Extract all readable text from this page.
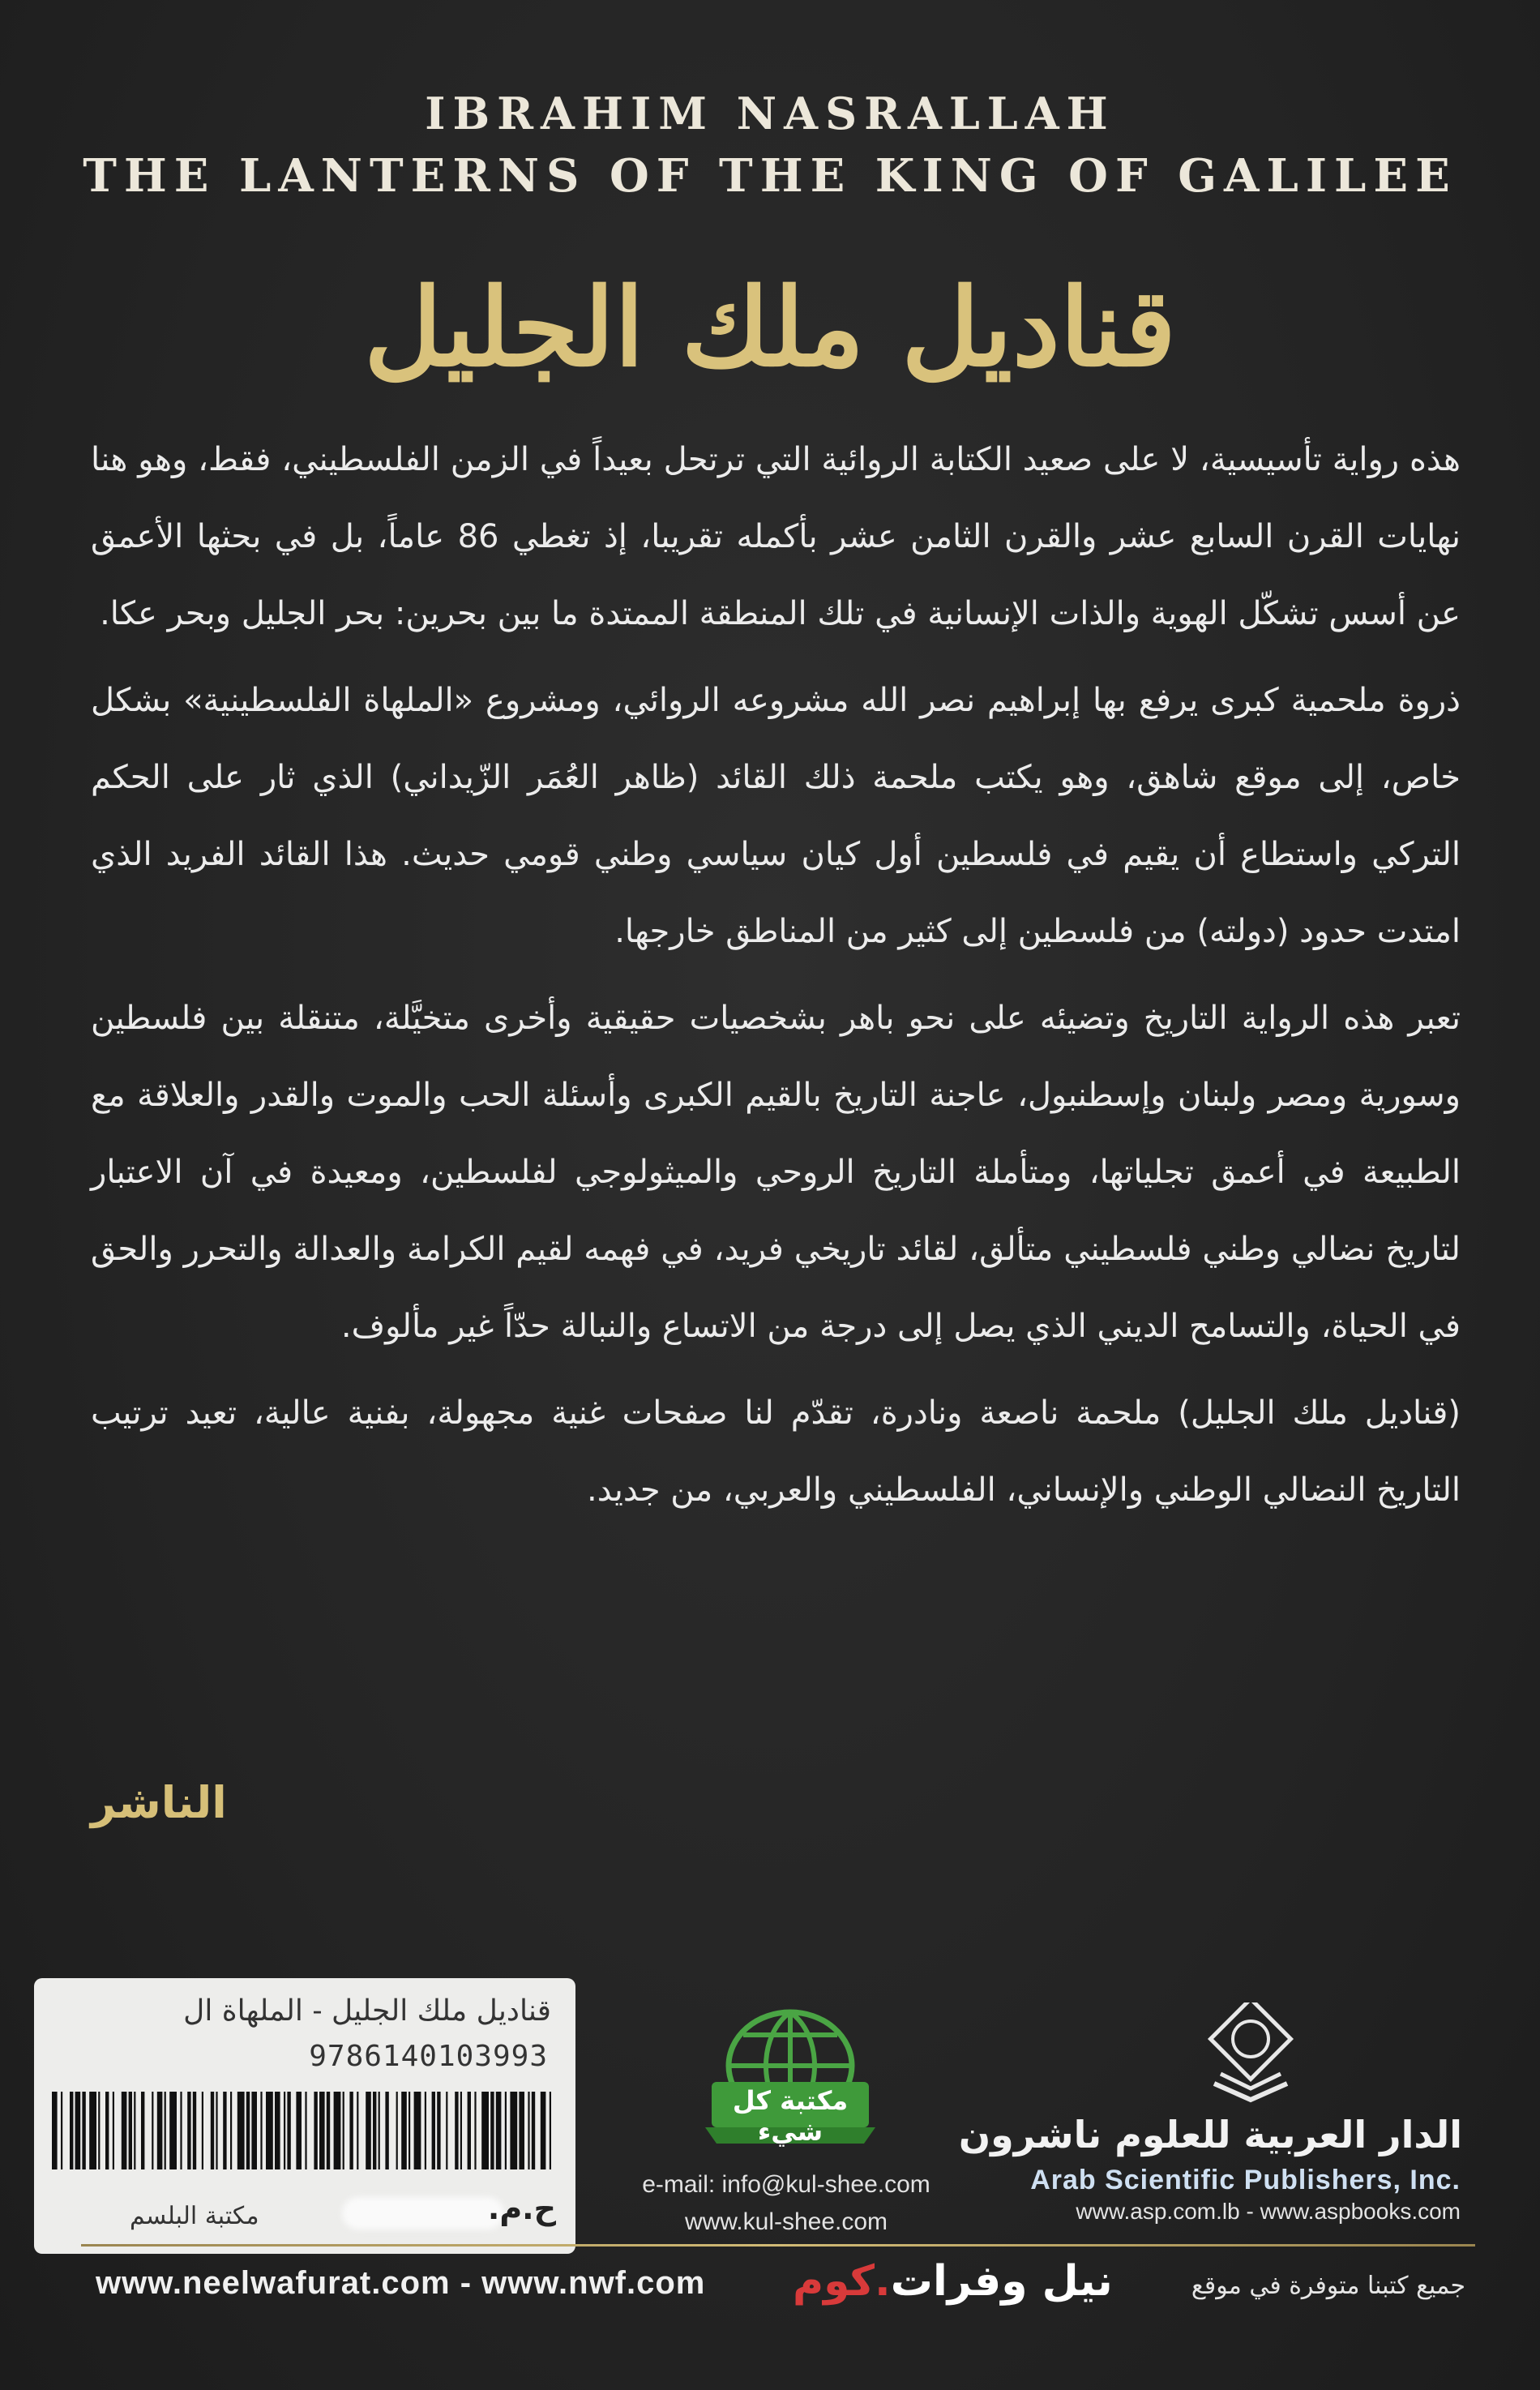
IBRAHIM NASRALLAH
THE LANTERNS OF THE KING OF GALILEE
قناديل ملك الجليل

هذه رواية تأسيسية، لا على صعيد الكتابة الروائية التي ترتحل بعيداً في الزمن الفلسطيني، فقط، وهو هنا نهايات القرن السابع عشر والقرن الثامن عشر بأكمله تقريبا، إذ تغطي 86 عاماً، بل في بحثها الأعمق عن أسس تشكّل الهوية والذات الإنسانية في تلك المنطقة الممتدة ما بين بحرين: بحر الجليل وبحر عكا.

ذروة ملحمية كبرى يرفع بها إبراهيم نصر الله مشروعه الروائي، ومشروع «الملهاة الفلسطينية» بشكل خاص، إلى موقع شاهق، وهو يكتب ملحمة ذلك القائد (ظاهر العُمَر الزّيداني) الذي ثار على الحكم التركي واستطاع أن يقيم في فلسطين أول كيان سياسي وطني قومي حديث. هذا القائد الفريد الذي امتدت حدود (دولته) من فلسطين إلى كثير من المناطق خارجها.

تعبر هذه الرواية التاريخ وتضيئه على نحو باهر بشخصيات حقيقية وأخرى متخيَّلة، متنقلة بين فلسطين وسورية ومصر ولبنان وإسطنبول، عاجنة التاريخ بالقيم الكبرى وأسئلة الحب والموت والقدر والعلاقة مع الطبيعة في أعمق تجلياتها، ومتأملة التاريخ الروحي والميثولوجي لفلسطين، ومعيدة في آن الاعتبار لتاريخ نضالي وطني فلسطيني متألق، لقائد تاريخي فريد، في فهمه لقيم الكرامة والعدالة والتحرر والحق في الحياة، والتسامح الديني الذي يصل إلى درجة من الاتساع والنبالة حدّاً غير مألوف.

(قناديل ملك الجليل) ملحمة ناصعة ونادرة، تقدّم لنا صفحات غنية مجهولة، بفنية عالية، تعيد ترتيب التاريخ النضالي الوطني والإنساني، الفلسطيني والعربي، من جديد.

الناشر
قناديل ملك الجليل - الملهاة ال
9786140103993
مكتبة البلسم	ح.م.
مكتبة كل شيء
e-mail: info@kul-shee.com
www.kul-shee.com
الدار العربية للعلوم ناشرون
Arab Scientific Publishers, Inc.
www.asp.com.lb - www.aspbooks.com
www.neelwafurat.com - www.nwf.com	نيل وفرات.كوم	جميع كتبنا متوفرة في موقع
